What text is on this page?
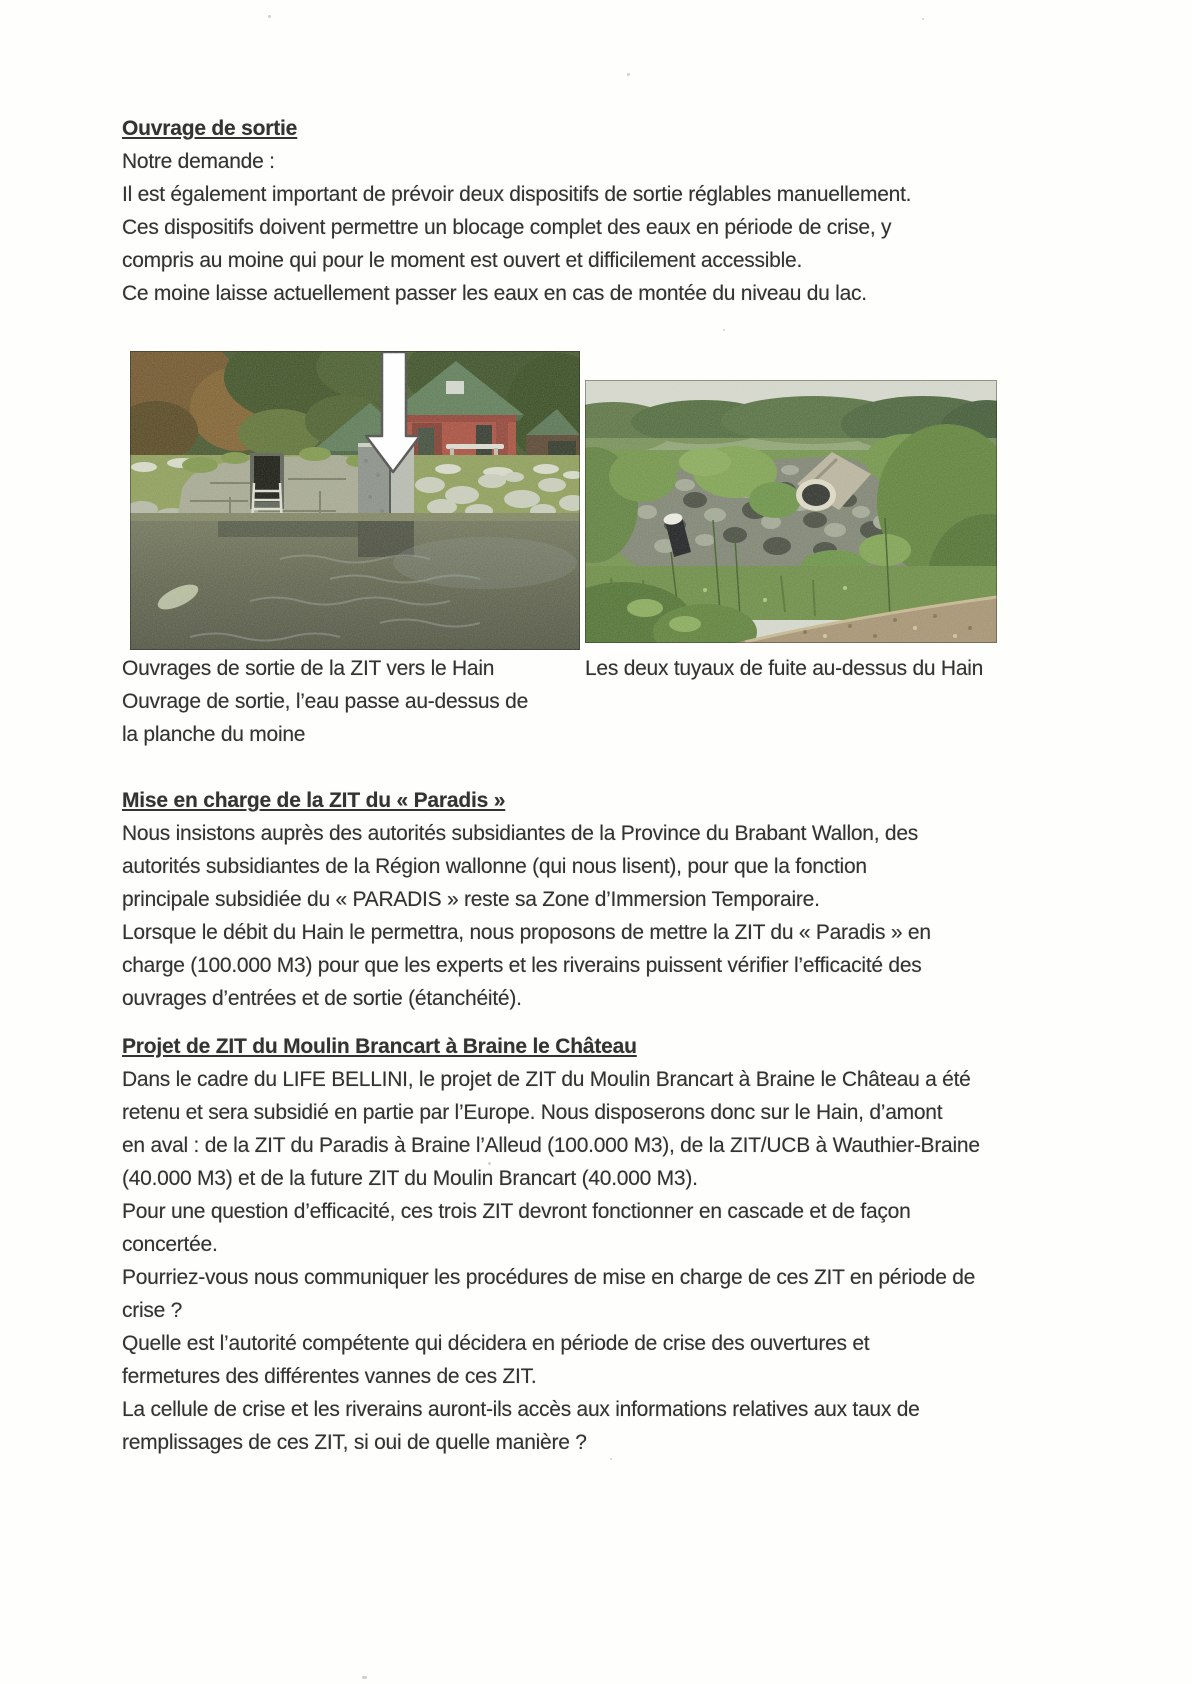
Ouvrage de sortie

Notre demande :

Il est également important de prévoir deux dispositifs de sortie réglables manuellement.

Ces dispositifs doivent permettre un blocage complet des eaux en période de crise, y

compris au moine qui pour le moment est ouvert et difficilement accessible.

Ce moine laisse actuellement passer les eaux en cas de montée du niveau du lac.

Ouvrages de sortie de la ZIT vers le Hain

Ouvrage de sortie, l’eau passe au-dessus de

la planche du moine

Les deux tuyaux de fuite au-dessus du Hain

Mise en charge de la ZIT du « Paradis »

Nous insistons auprès des autorités subsidiantes de la Province du Brabant Wallon, des

autorités subsidiantes de la Région wallonne (qui nous lisent), pour que la fonction

principale subsidiée du « PARADIS » reste sa Zone d’Immersion Temporaire.

Lorsque le débit du Hain le permettra, nous proposons de mettre la ZIT du « Paradis » en

charge (100.000 M3) pour que les experts et les riverains puissent vérifier l’efficacité des

ouvrages d’entrées et de sortie (étanchéité).

Projet de ZIT du Moulin Brancart à Braine le Château

Dans le cadre du LIFE BELLINI, le projet de ZIT du Moulin Brancart à Braine le Château a été

retenu et sera subsidié en partie par l’Europe. Nous disposerons donc sur le Hain, d’amont

en aval : de la ZIT du Paradis à Braine l’Alleud (100.000 M3), de la ZIT/UCB à Wauthier-Braine

(40.000 M3) et de la future ZIT du Moulin Brancart (40.000 M3).

Pour une question d’efficacité, ces trois ZIT devront fonctionner en cascade et de façon

concertée.

Pourriez-vous nous communiquer les procédures de mise en charge de ces ZIT en période de

crise ?

Quelle est l’autorité compétente qui décidera en période de crise des ouvertures et

fermetures des différentes vannes de ces ZIT.

La cellule de crise et les riverains auront-ils accès aux informations relatives aux taux de

remplissages de ces ZIT, si oui de quelle manière ?
